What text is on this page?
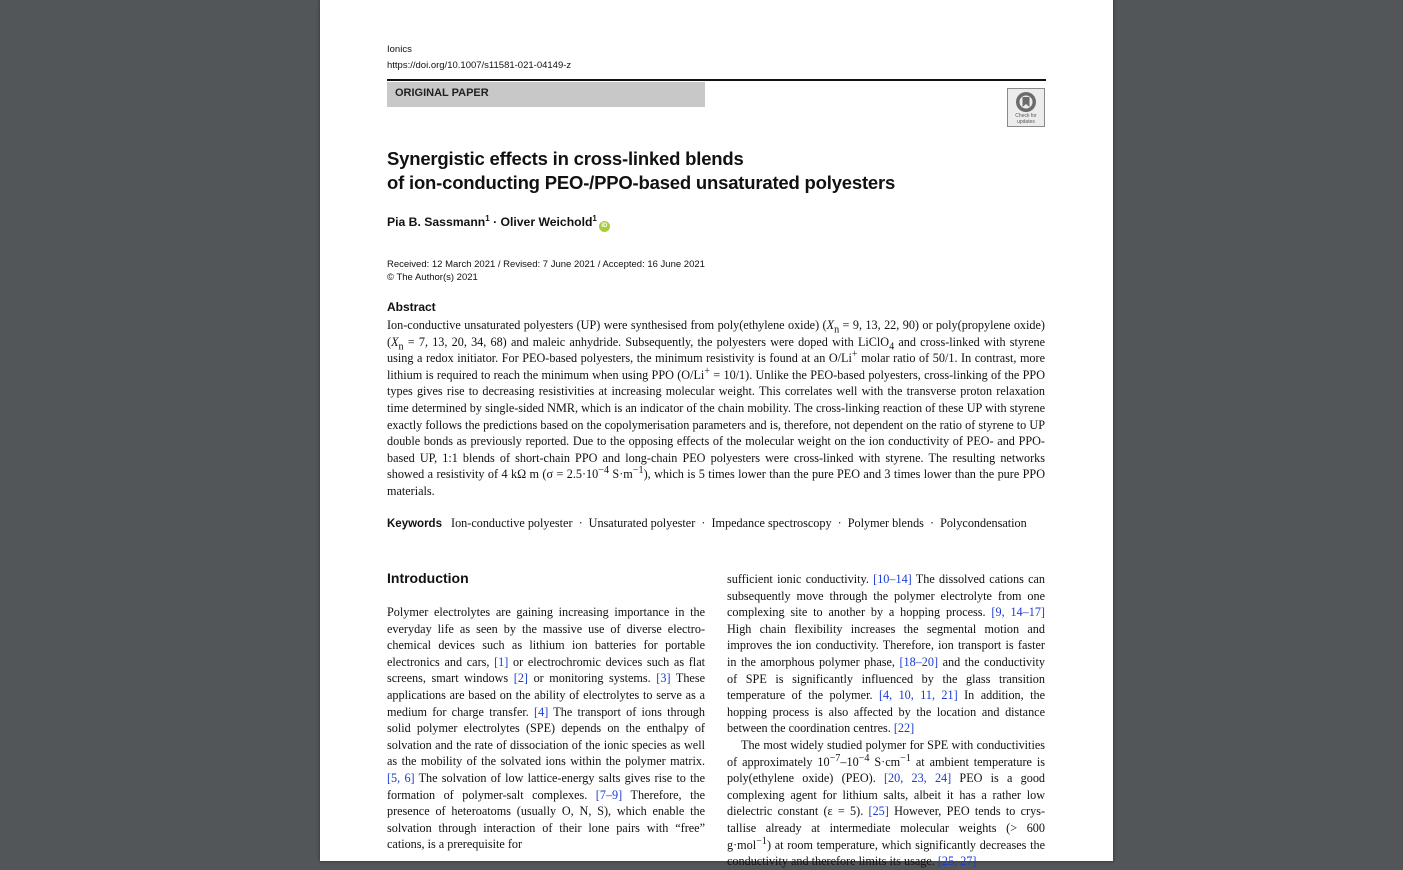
Ionics
https://doi.org/10.1007/s11581-021-04149-z
ORIGINAL PAPER
Check for
updates
Synergistic effects in cross-linked blends
of ion-conducting PEO-/PPO-based unsaturated polyesters
Pia B. Sassmann$^1$ · Oliver Weichold$^1$iD
Received: 12 March 2021 / Revised: 7 June 2021 / Accepted: 16 June 2021
© The Author(s) 2021
Abstract

Ion-conductive unsaturated polyesters (UP) were synthesised from poly(ethylene oxide) ($X_n = 9$, 13, 22, 90) or poly(propylene oxide) ($X_n = 7$, 13, 20, 34, 68) and maleic anhydride. Subsequently, the polyesters were doped with LiClO$_4$ and cross-linked with styrene using a redox initiator. For PEO-based polyesters, the minimum resistivity is found at an O/Li+ molar ratio of 50/1. In contrast, more lithium is required to reach the minimum when using PPO (O/Li+ = 10/1). Unlike the PEO-based polyesters, cross-linking of the PPO types gives rise to decreasing resistivities at increasing molecular weight. This correlates well with the transverse proton relaxation time determined by single-sided NMR, which is an indicator of the chain mobility. The cross-linking reaction of these UP with styrene exactly follows the predictions based on the copolymerisation parameters and is, therefore, not dependent on the ratio of styrene to UP double bonds as previously reported. Due to the opposing effects of the molecular weight on the ion conductivity of PEO- and PPO-based UP, 1:1 blends of short-chain PPO and long-chain PEO polyesters were cross-linked with styrene. The resulting networks showed a resistivity of 4 kΩ m ($\sigma = 2.5\cdot 10^{-4}$ $S\cdot m^{-1}$), which is 5 times lower than the pure PEO and 3 times lower than the pure PPO materials.

Keywords Ion-conductive polyester · Unsaturated polyester · Impedance spectroscopy · Polymer blends · Polycondensation
Introduction

Polymer electrolytes are gaining increasing importance in the everyday life as seen by the massive use of diverse electrochemical devices such as lithium ion batteries for portable electronics and cars, [1] or electrochromic devices such as flat screens, smart windows [2] or monitoring systems. [3] These applications are based on the ability of electrolytes to serve as a medium for charge transfer. [4] The transport of ions through solid polymer electrolytes (SPE) depends on the enthalpy of solvation and the rate of dissociation of the ionic species as well as the mobility of the solvated ions within the polymer matrix. [5, 6] The solvation of low lattice-energy salts gives rise to the formation of polymer-salt complexes. [7–9] Therefore, the presence of heteroatoms (usually O, N, S), which enable the solvation through interaction of their lone pairs with “free” cations, is a prerequisite for

sufficient ionic conductivity. [10–14] The dissolved cations can subsequently move through the polymer electrolyte from one complexing site to another by a hopping process. [9, 14–17] High chain flexibility increases the segmental motion and improves the ion conductivity. Therefore, ion transport is faster in the amorphous polymer phase, [18–20] and the conductivity of SPE is significantly influenced by the glass transition temperature of the polymer. [4, 10, 11, 21] In addition, the hopping process is also affected by the location and distance between the coordination centres. [22]

The most widely studied polymer for SPE with conductivities of approximately $10^{-7}-10^{-4}$ $S\cdot cm^{-1}$ at ambient temperature is poly(ethylene oxide) (PEO). [20, 23, 24] PEO is a good complexing agent for lithium salts, albeit it has a rather low dielectric constant (ε = 5). [25] However, PEO tends to crystallise already at intermediate molecular weights (> 600 g·mol$^{-1}$) at room temperature, which significantly decreases the conductivity and therefore limits its usage. [25, 27]
